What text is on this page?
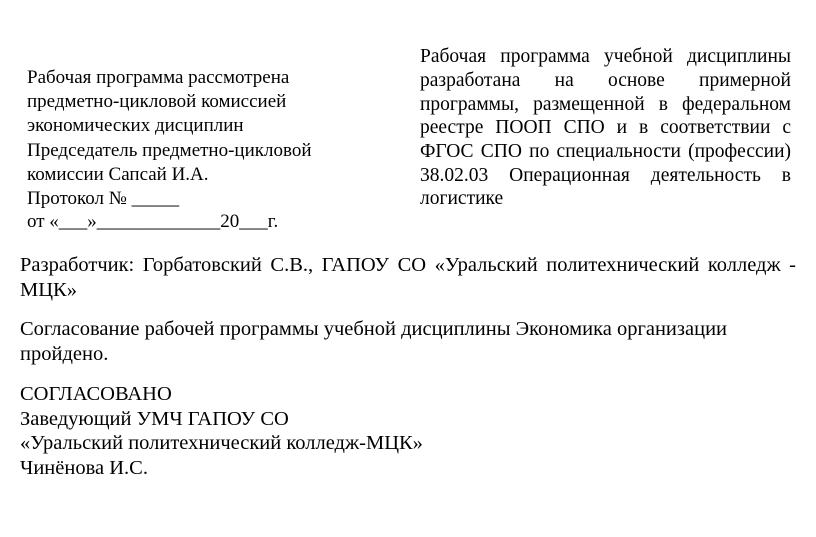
Рабочая программа рассмотрена
предметно-цикловой комиссией
экономических дисциплин
Председатель предметно-цикловой
комиссии Сапсай И.А.
Протокол № _____
от «___»_____________20___г.
Рабочая программа учебной дисциплины
разработана на основе примерной
программы, размещенной в федеральном
реестре ПООП СПО и в соответствии с
ФГОС СПО по специальности (профессии)
38.02.03 Операционная деятельность в
логистике
Разработчик: Горбатовский С.В., ГАПОУ СО «Уральский политехнический колледж -
МЦК»
Согласование рабочей программы учебной дисциплины Экономика организации
пройдено.
СОГЛАСОВАНО
Заведующий УМЧ ГАПОУ СО
«Уральский политехнический колледж-МЦК»
Чинёнова И.С.
